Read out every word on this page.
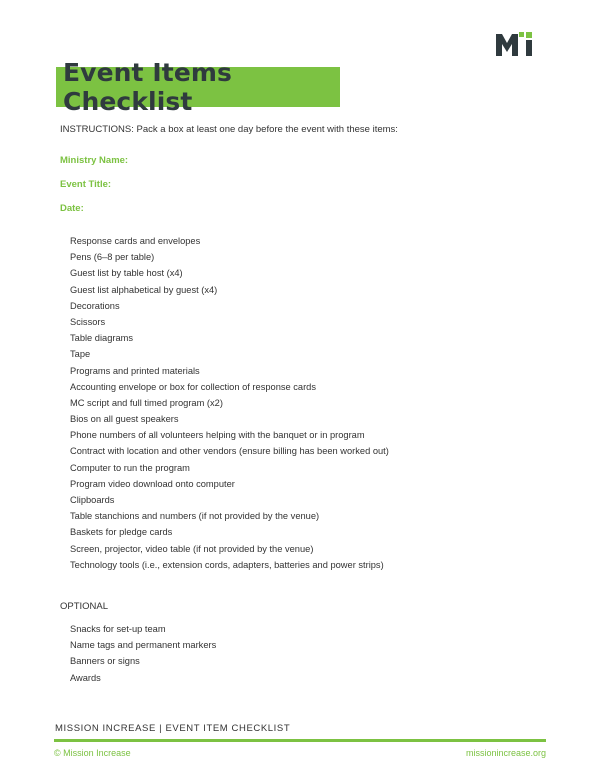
Event Items Checklist
INSTRUCTIONS: Pack a box at least one day before the event with these items:
Ministry Name:
Event Title:
Date:
Response cards and envelopes
Pens (6–8 per table)
Guest list by table host (x4)
Guest list alphabetical by guest (x4)
Decorations
Scissors
Table diagrams
Tape
Programs and printed materials
Accounting envelope or box for collection of response cards
MC script and full timed program (x2)
Bios on all guest speakers
Phone numbers of all volunteers helping with the banquet or in program
Contract with location and other vendors (ensure billing has been worked out)
Computer to run the program
Program video download onto computer
Clipboards
Table stanchions and numbers (if not provided by the venue)
Baskets for pledge cards
Screen, projector, video table (if not provided by the venue)
Technology tools (i.e., extension cords, adapters, batteries and power strips)
OPTIONAL
Snacks for set-up team
Name tags and permanent markers
Banners or signs
Awards
MISSION INCREASE | EVENT ITEM CHECKLIST
© Mission Increase	missionincrease.org
